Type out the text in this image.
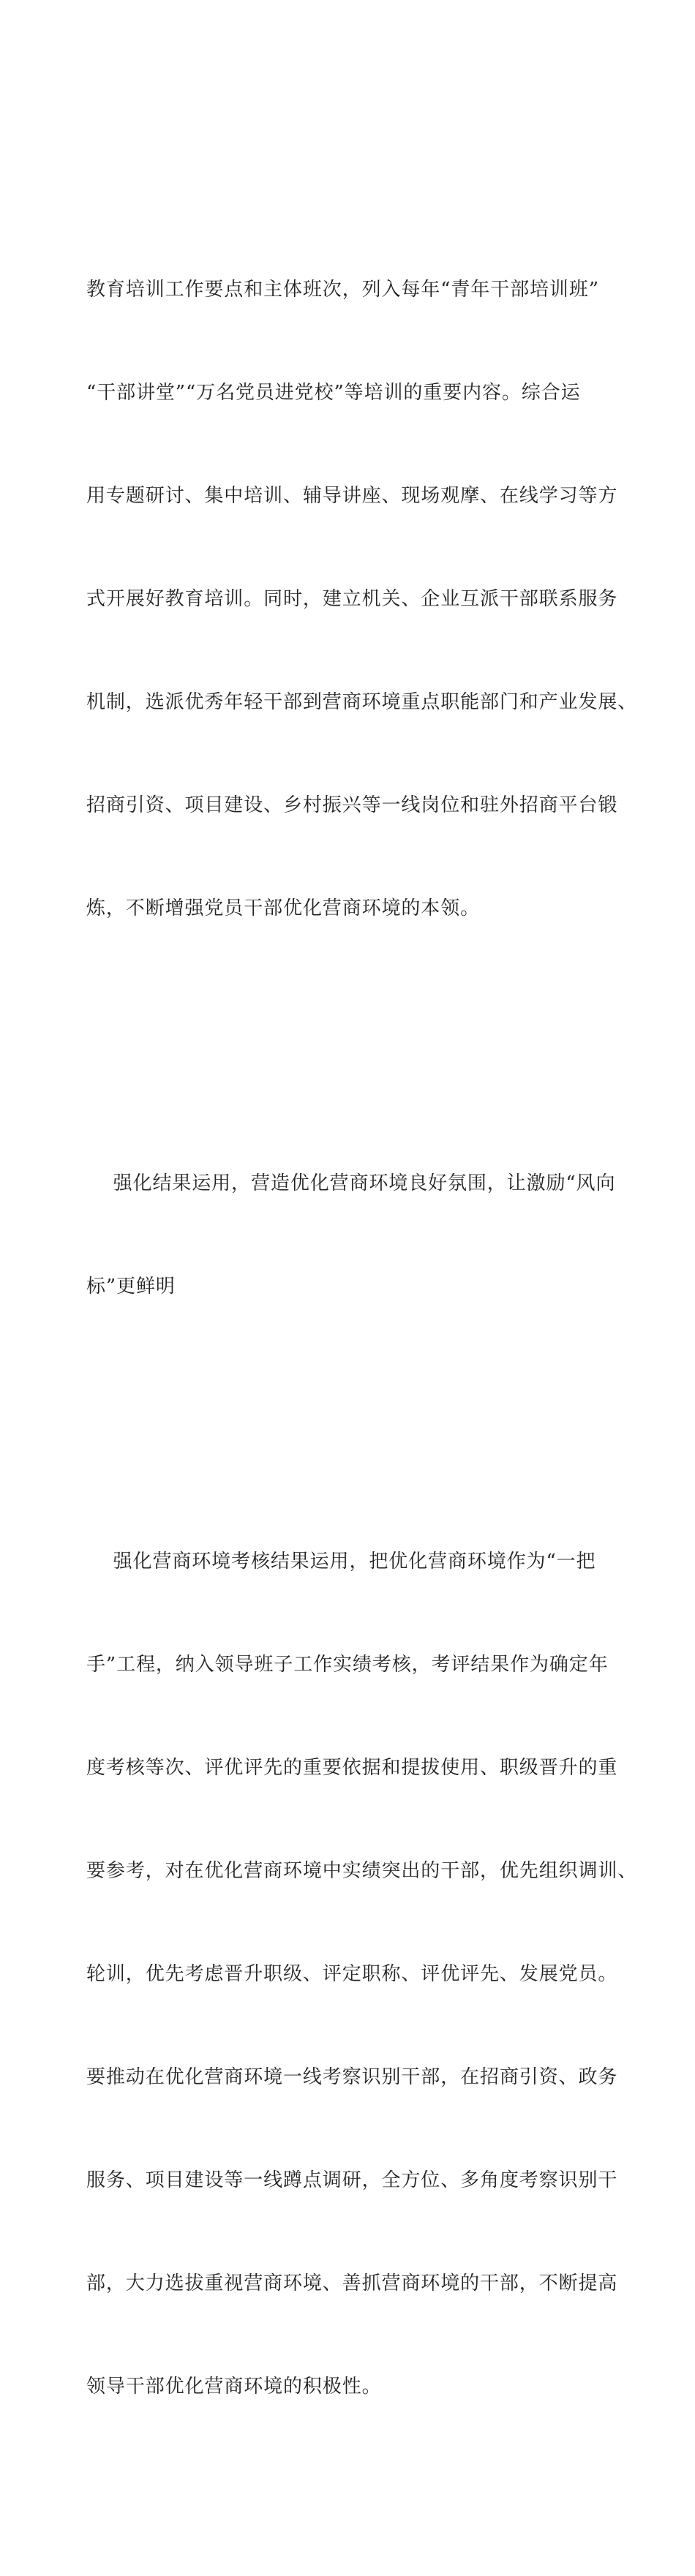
教育培训工作要点和主体班次，列入每年“青年干部培训班”

“干部讲堂”“万名党员进党校”等培训的重要内容。综合运

用专题研讨、集中培训、辅导讲座、现场观摩、在线学习等方

式开展好教育培训。同时，建立机关、企业互派干部联系服务

机制，选派优秀年轻干部到营商环境重点职能部门和产业发展、

招商引资、项目建设、乡村振兴等一线岗位和驻外招商平台锻

炼，不断增强党员干部优化营商环境的本领。

强化结果运用，营造优化营商环境良好氛围，让激励“风向

标”更鲜明

强化营商环境考核结果运用，把优化营商环境作为“一把

手”工程，纳入领导班子工作实绩考核，考评结果作为确定年

度考核等次、评优评先的重要依据和提拔使用、职级晋升的重

要参考，对在优化营商环境中实绩突出的干部，优先组织调训、

轮训，优先考虑晋升职级、评定职称、评优评先、发展党员。

要推动在优化营商环境一线考察识别干部，在招商引资、政务

服务、项目建设等一线蹲点调研，全方位、多角度考察识别干

部，大力选拔重视营商环境、善抓营商环境的干部，不断提高

领导干部优化营商环境的积极性。
